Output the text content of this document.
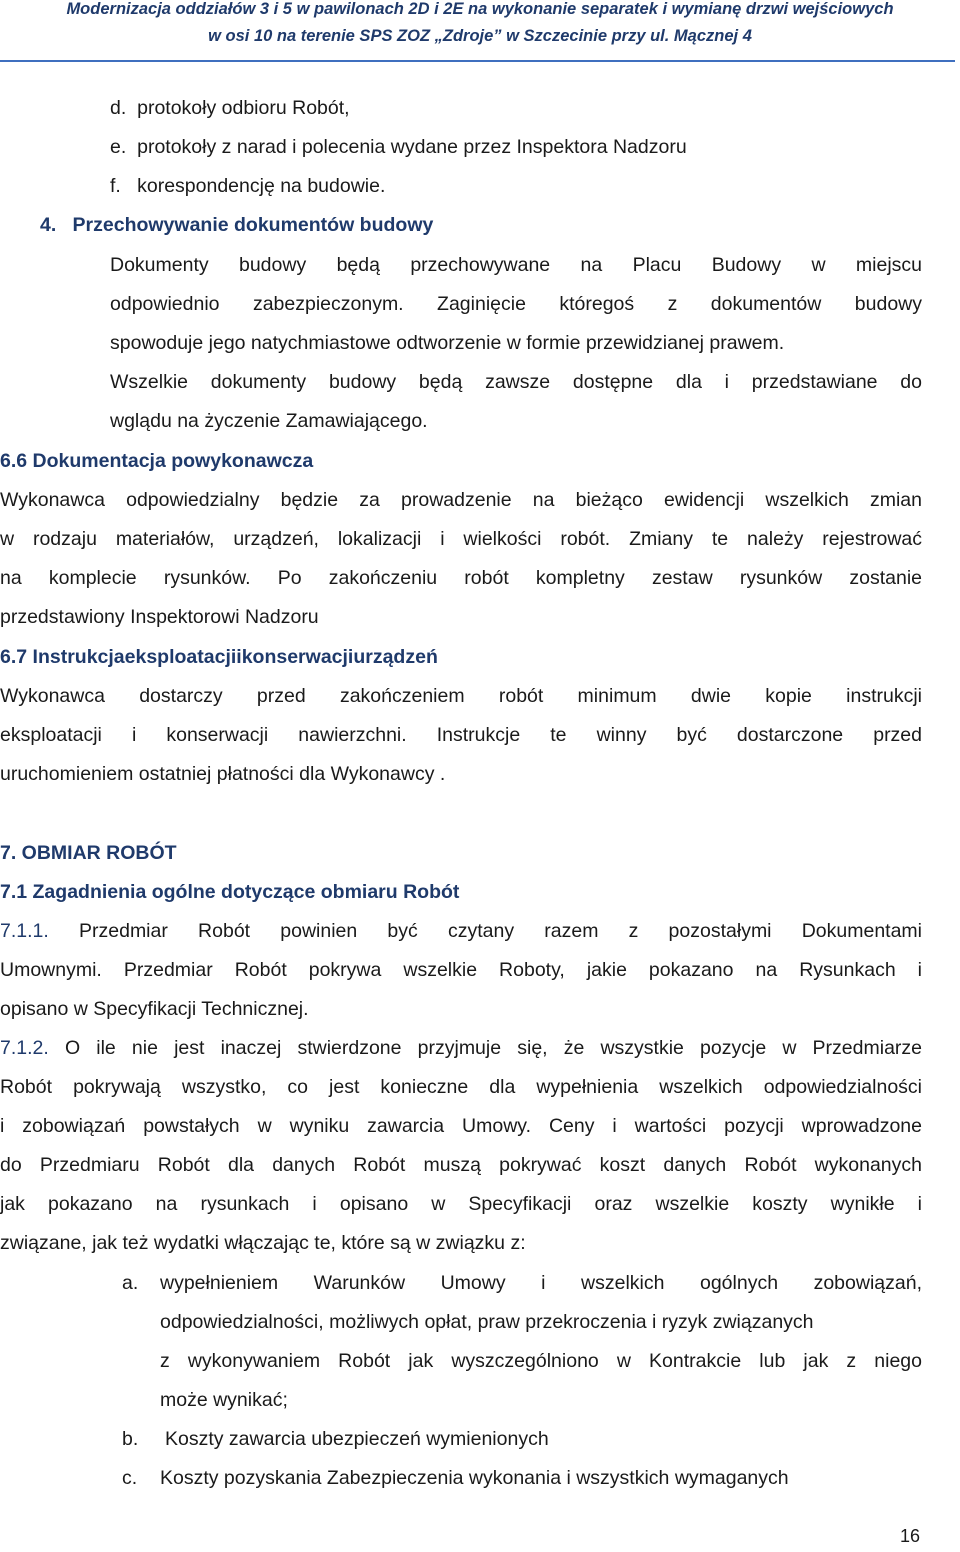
Modernizacja oddziałów 3 i 5 w pawilonach 2D i 2E na wykonanie separatek i wymianę drzwi wejściowych
w osi 10 na terenie SPS ZOZ „Zdroje” w Szczecinie przy ul. Mącznej 4
d. protokoły odbioru Robót,
e. protokoły z narad i polecenia wydane przez Inspektora Nadzoru
f. korespondencję na budowie.
4. Przechowywanie dokumentów budowy
Dokumenty budowy będą przechowywane na Placu Budowy w miejscu
odpowiednio zabezpieczonym. Zaginięcie któregoś z dokumentów budowy
spowoduje jego natychmiastowe odtworzenie w formie przewidzianej prawem.
Wszelkie dokumenty budowy będą zawsze dostępne dla i przedstawiane do
wglądu na życzenie Zamawiającego.
6.6 Dokumentacja powykonawcza
Wykonawca odpowiedzialny będzie za prowadzenie na bieżąco ewidencji wszelkich zmian
w rodzaju materiałów, urządzeń, lokalizacji i wielkości robót. Zmiany te należy rejestrować
na komplecie rysunków. Po zakończeniu robót kompletny zestaw rysunków zostanie
przedstawiony Inspektorowi Nadzoru
6.7 Instrukcjaeksploatacjiikonserwacjiurządzeń
Wykonawca dostarczy przed zakończeniem robót minimum dwie kopie instrukcji
eksploatacji i konserwacji nawierzchni. Instrukcje te winny być dostarczone przed
uruchomieniem ostatniej płatności dla Wykonawcy .
7. OBMIAR ROBÓT
7.1 Zagadnienia ogólne dotyczące obmiaru Robót
7.1.1. Przedmiar Robót powinien być czytany razem z pozostałymi Dokumentami
Umownymi. Przedmiar Robót pokrywa wszelkie Roboty, jakie pokazano na Rysunkach i
opisano w Specyfikacji Technicznej.
7.1.2. O ile nie jest inaczej stwierdzone przyjmuje się, że wszystkie pozycje w Przedmiarze
Robót pokrywają wszystko, co jest konieczne dla wypełnienia wszelkich odpowiedzialności
i zobowiązań powstałych w wyniku zawarcia Umowy. Ceny i wartości pozycji wprowadzone
do Przedmiaru Robót dla danych Robót muszą pokrywać koszt danych Robót wykonanych
jak pokazano na rysunkach i opisano w Specyfikacji oraz wszelkie koszty wynikłe i
związane, jak też wydatki włączając te, które są w związku z:
a. wypełnieniem Warunków Umowy i wszelkich ogólnych zobowiązań,
odpowiedzialności, możliwych opłat, praw przekroczenia i ryzyk związanych
z wykonywaniem Robót jak wyszczególniono w Kontrakcie lub jak z niego
może wynikać;
b. Koszty zawarcia ubezpieczeń wymienionych
c. Koszty pozyskania Zabezpieczenia wykonania i wszystkich wymaganych
16
